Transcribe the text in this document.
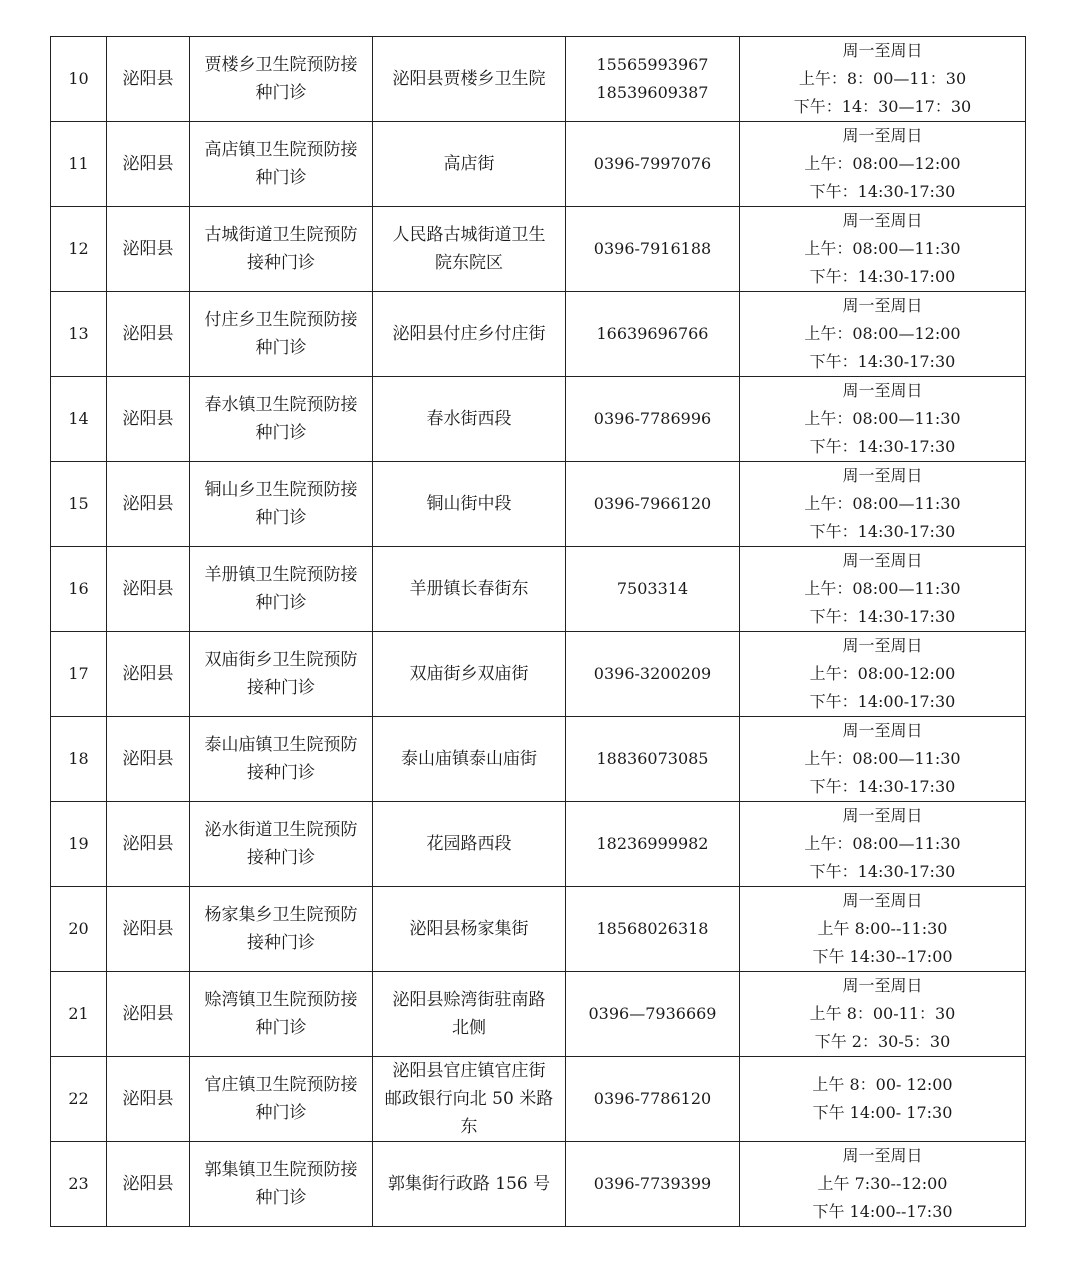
10	泌阳县	贾楼乡卫生院预防接
种门诊	泌阳县贾楼乡卫生院	15565993967
18539609387	周一至周日
上午：8：00—11：30
下午：14：30—17：30

11	泌阳县	高店镇卫生院预防接
种门诊	高店街	0396-7997076	周一至周日
上午：08:00—12:00
下午：14:30-17:30

12	泌阳县	古城街道卫生院预防
接种门诊	人民路古城街道卫生
院东院区	0396-7916188	周一至周日
上午：08:00—11:30
下午：14:30-17:00

13	泌阳县	付庄乡卫生院预防接
种门诊	泌阳县付庄乡付庄街	16639696766	周一至周日
上午：08:00—12:00
下午：14:30-17:30

14	泌阳县	春水镇卫生院预防接
种门诊	春水街西段	0396-7786996	周一至周日
上午：08:00—11:30
下午：14:30-17:30

15	泌阳县	铜山乡卫生院预防接
种门诊	铜山街中段	0396-7966120	周一至周日
上午：08:00—11:30
下午：14:30-17:30

16	泌阳县	羊册镇卫生院预防接
种门诊	羊册镇长春街东	7503314	周一至周日
上午：08:00—11:30
下午：14:30-17:30

17	泌阳县	双庙街乡卫生院预防
接种门诊	双庙街乡双庙街	0396-3200209	周一至周日
上午：08:00-12:00
下午：14:00-17:30

18	泌阳县	泰山庙镇卫生院预防
接种门诊	泰山庙镇泰山庙街	18836073085	周一至周日
上午：08:00—11:30
下午：14:30-17:30

19	泌阳县	泌水街道卫生院预防
接种门诊	花园路西段	18236999982	周一至周日
上午：08:00—11:30
下午：14:30-17:30

20	泌阳县	杨家集乡卫生院预防
接种门诊	泌阳县杨家集街	18568026318	周一至周日
上午 8:00--11:30
下午 14:30--17:00

21	泌阳县	赊湾镇卫生院预防接
种门诊	泌阳县赊湾街驻南路
北侧	0396—7936669	周一至周日
上午 8：00-11：30
下午 2：30-5：30

22	泌阳县	官庄镇卫生院预防接
种门诊	泌阳县官庄镇官庄街
邮政银行向北 50 米路
东	0396-7786120	上午 8：00- 12:00
下午 14:00- 17:30

23	泌阳县	郭集镇卫生院预防接
种门诊	郭集街行政路 156 号	0396-7739399	周一至周日
上午 7:30--12:00
下午 14:00--17:30
